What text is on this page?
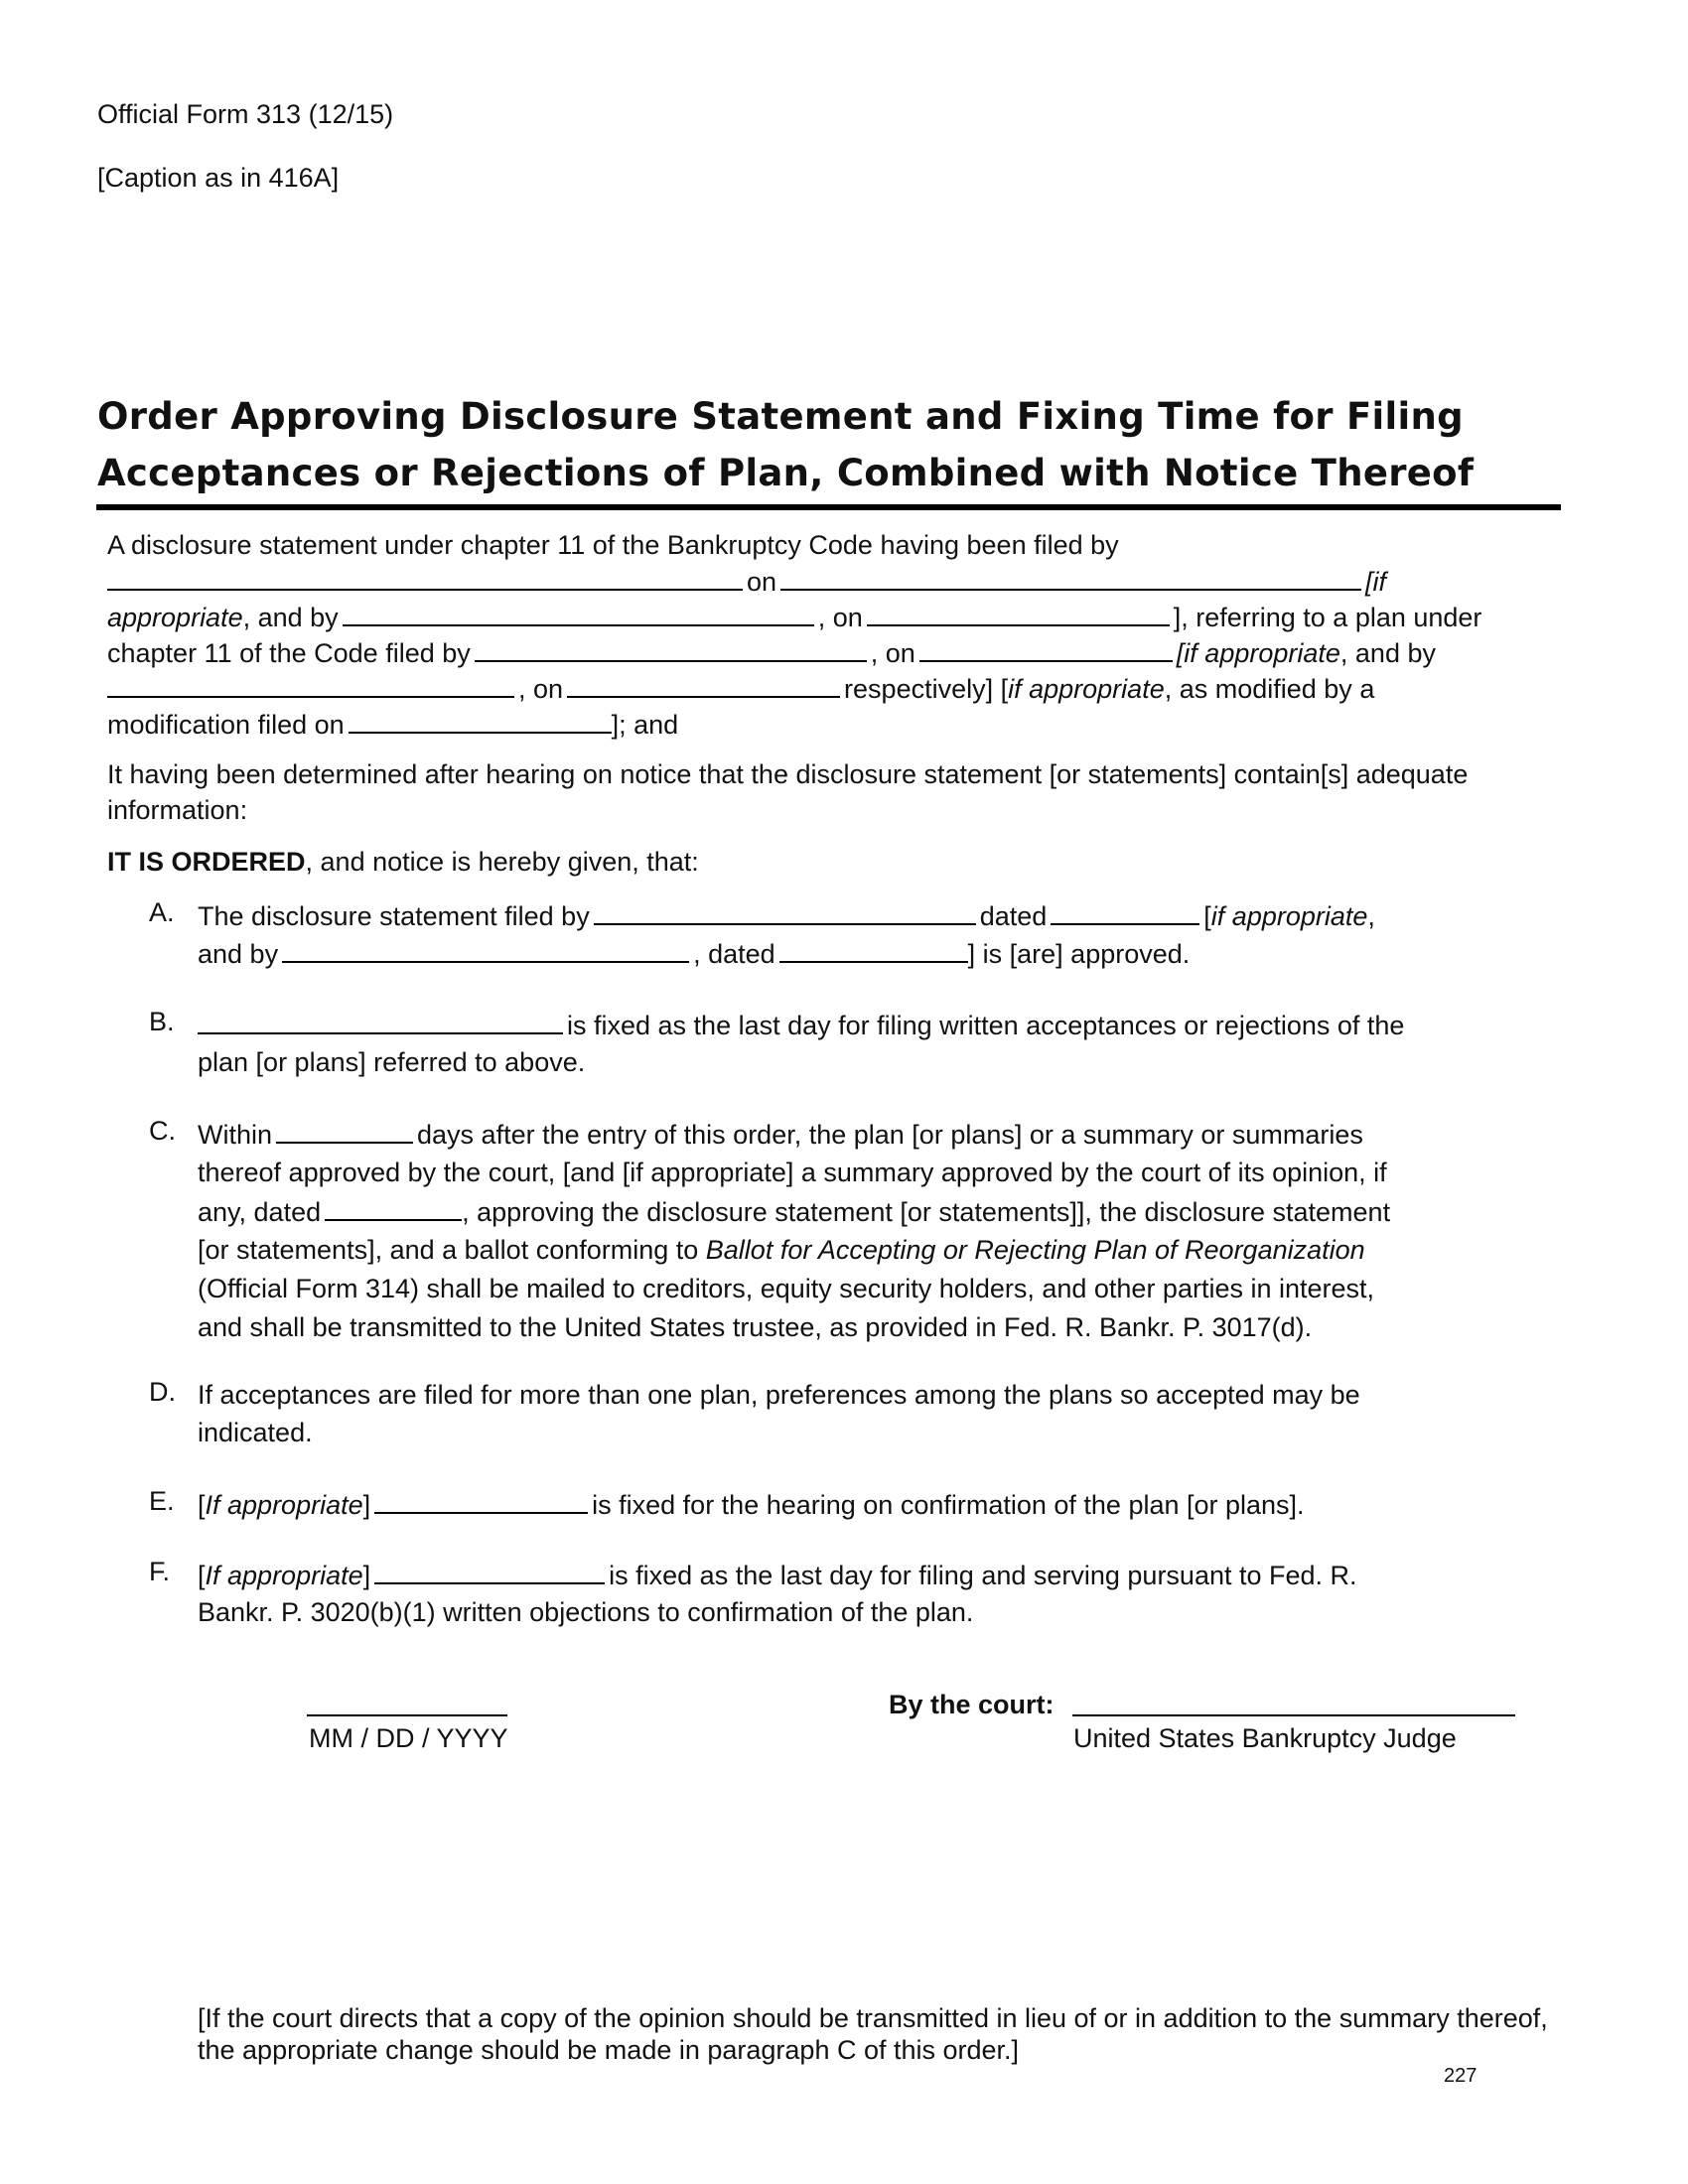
Official Form 313 (12/15)
[Caption as in 416A]
Order Approving Disclosure Statement and Fixing Time for Filing
Acceptances or Rejections of Plan, Combined with Notice Thereof
A disclosure statement under chapter 11 of the Bankruptcy Code having been filed by
on	[if
appropriate, and by	, on	], referring to a plan under
chapter 11 of the Code filed by	, on	[if appropriate, and by
, on	respectively] [if appropriate, as modified by a
modification filed on	]; and
It having been determined after hearing on notice that the disclosure statement [or statements] contain[s] adequate
information:
IT IS ORDERED, and notice is hereby given, that:
A. The disclosure statement filed by	dated	[if appropriate,
and by	, dated	] is [are] approved.
B.	is fixed as the last day for filing written acceptances or rejections of the
plan [or plans] referred to above.
C. Within	days after the entry of this order, the plan [or plans] or a summary or summaries
thereof approved by the court, [and [if appropriate] a summary approved by the court of its opinion, if
any, dated	, approving the disclosure statement [or statements]], the disclosure statement
[or statements], and a ballot conforming to Ballot for Accepting or Rejecting Plan of Reorganization
(Official Form 314) shall be mailed to creditors, equity security holders, and other parties in interest,
and shall be transmitted to the United States trustee, as provided in Fed. R. Bankr. P. 3017(d).
D. If acceptances are filed for more than one plan, preferences among the plans so accepted may be
indicated.
E. [If appropriate]	is fixed for the hearing on confirmation of the plan [or plans].
F. [If appropriate]	is fixed as the last day for filing and serving pursuant to Fed. R.
Bankr. P. 3020(b)(1) written objections to confirmation of the plan.
MM / DD / YYYY
By the court:
United States Bankruptcy Judge
[If the court directs that a copy of the opinion should be transmitted in lieu of or in addition to the summary thereof,
the appropriate change should be made in paragraph C of this order.]
227
